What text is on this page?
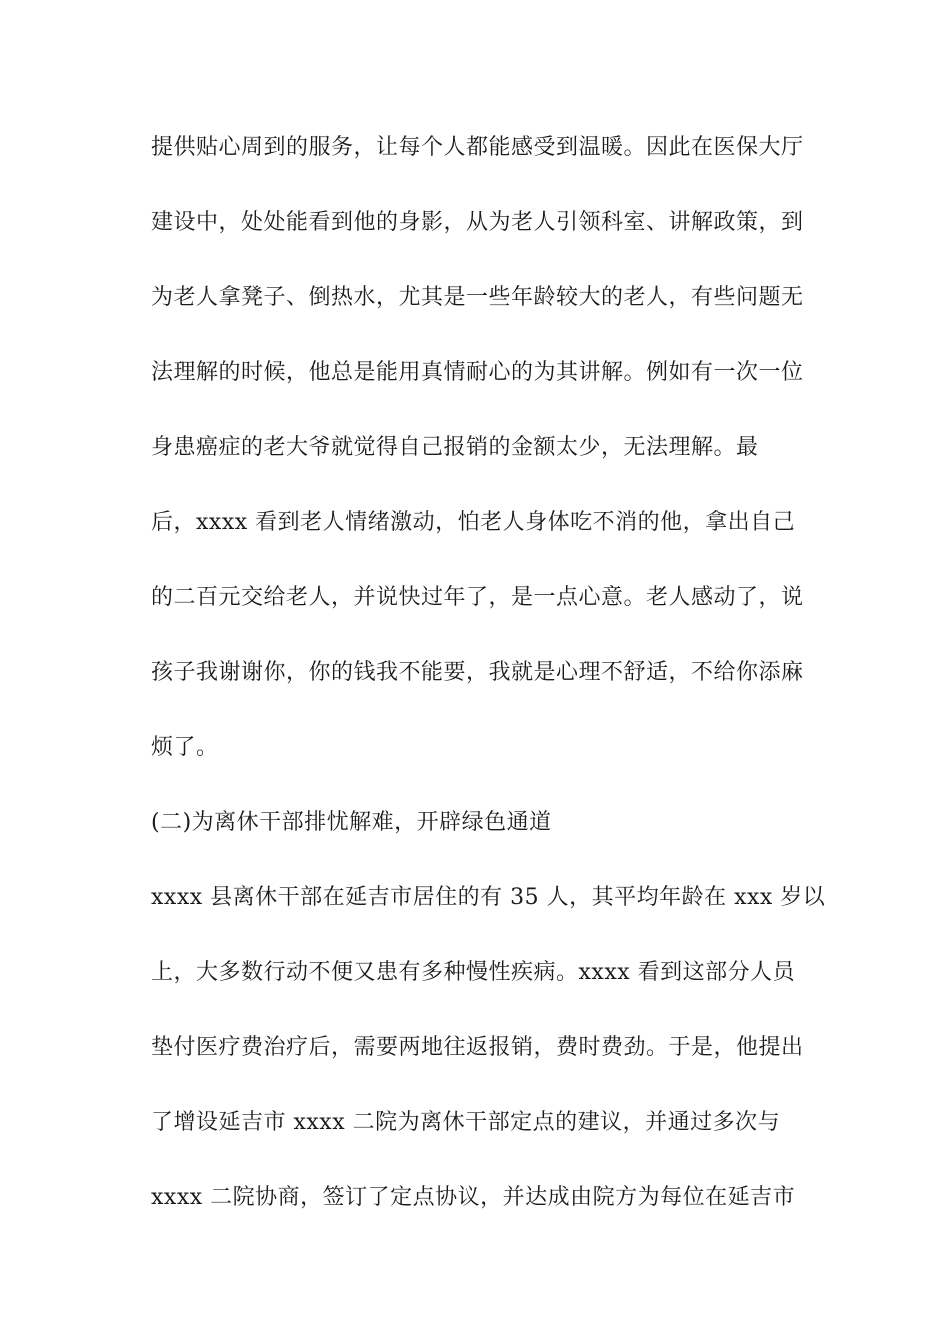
提供贴心周到的服务，让每个人都能感受到温暖。因此在医保大厅
建设中，处处能看到他的身影，从为老人引领科室、讲解政策，到
为老人拿凳子、倒热水，尤其是一些年龄较大的老人，有些问题无
法理解的时候，他总是能用真情耐心的为其讲解。例如有一次一位
身患癌症的老大爷就觉得自己报销的金额太少，无法理解。最
后，xxxx 看到老人情绪激动，怕老人身体吃不消的他，拿出自己
的二百元交给老人，并说快过年了，是一点心意。老人感动了，说
孩子我谢谢你，你的钱我不能要，我就是心理不舒适，不给你添麻
烦了。
(二)为离休干部排忧解难，开辟绿色通道
xxxx 县离休干部在延吉市居住的有 35 人，其平均年龄在 xxx 岁以
上，大多数行动不便又患有多种慢性疾病。xxxx 看到这部分人员
垫付医疗费治疗后，需要两地往返报销，费时费劲。于是，他提出
了增设延吉市 xxxx 二院为离休干部定点的建议，并通过多次与
xxxx 二院协商，签订了定点协议，并达成由院方为每位在延吉市
